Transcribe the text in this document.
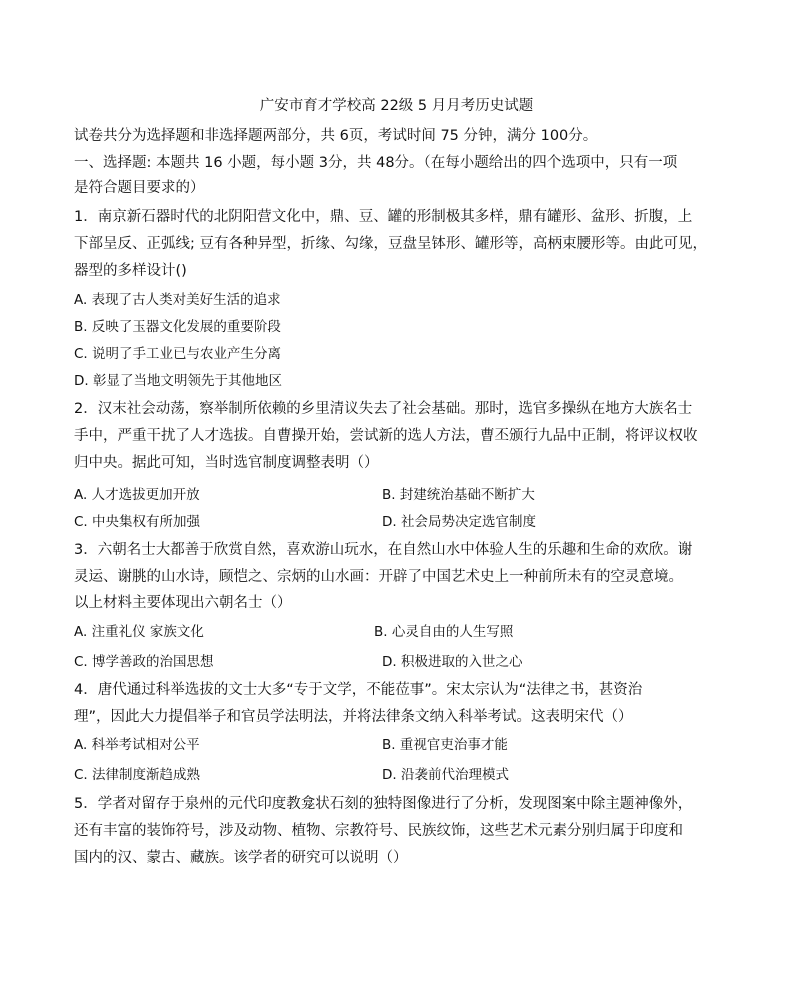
广安市育才学校高 22级 5 月月考历史试题
试卷共分为选择题和非选择题两部分，共 6页，考试时间 75 分钟，满分 100分。
一、选择题: 本题共 16 小题，每小题 3分，共 48分。（在每小题给出的四个选项中，只有一项
是符合题目要求的）
1．南京新石器时代的北阴阳营文化中，鼎、豆、罐的形制极其多样，鼎有罐形、盆形、折腹，上
下部呈反、正弧线; 豆有各种异型，折缘、勾缘，豆盘呈钵形、罐形等，高柄束腰形等。由此可见，
器型的多样设计()
A. 表现了古人类对美好生活的追求
B. 反映了玉器文化发展的重要阶段
C. 说明了手工业已与农业产生分离
D. 彰显了当地文明领先于其他地区
2．汉末社会动荡，察举制所依赖的乡里清议失去了社会基础。那时，选官多操纵在地方大族名士
手中，严重干扰了人才选拔。自曹操开始，尝试新的选人方法，曹丕颁行九品中正制，将评议权收
归中央。据此可知，当时选官制度调整表明（）
A. 人才选拔更加开放	B. 封建统治基础不断扩大
C. 中央集权有所加强	D. 社会局势决定选官制度
3．六朝名士大都善于欣赏自然，喜欢游山玩水，在自然山水中体验人生的乐趣和生命的欢欣。谢
灵运、谢朓的山水诗，顾恺之、宗炳的山水画：开辟了中国艺术史上一种前所未有的空灵意境。
以上材料主要体现出六朝名士（）
A. 注重礼仪 家族文化	B. 心灵自由的人生写照
C. 博学善政的治国思想	D. 积极进取的入世之心
4．唐代通过科举选拔的文士大多“专于文学，不能莅事”。宋太宗认为“法律之书，甚资治
理”，因此大力提倡举子和官员学法明法，并将法律条文纳入科举考试。这表明宋代（）
A. 科举考试相对公平	B. 重视官吏治事才能
C. 法律制度渐趋成熟	D. 沿袭前代治理模式
5．学者对留存于泉州的元代印度教龛状石刻的独特图像进行了分析，发现图案中除主题神像外，
还有丰富的装饰符号，涉及动物、植物、宗教符号、民族纹饰，这些艺术元素分别归属于印度和
国内的汉、蒙古、藏族。该学者的研究可以说明（）
